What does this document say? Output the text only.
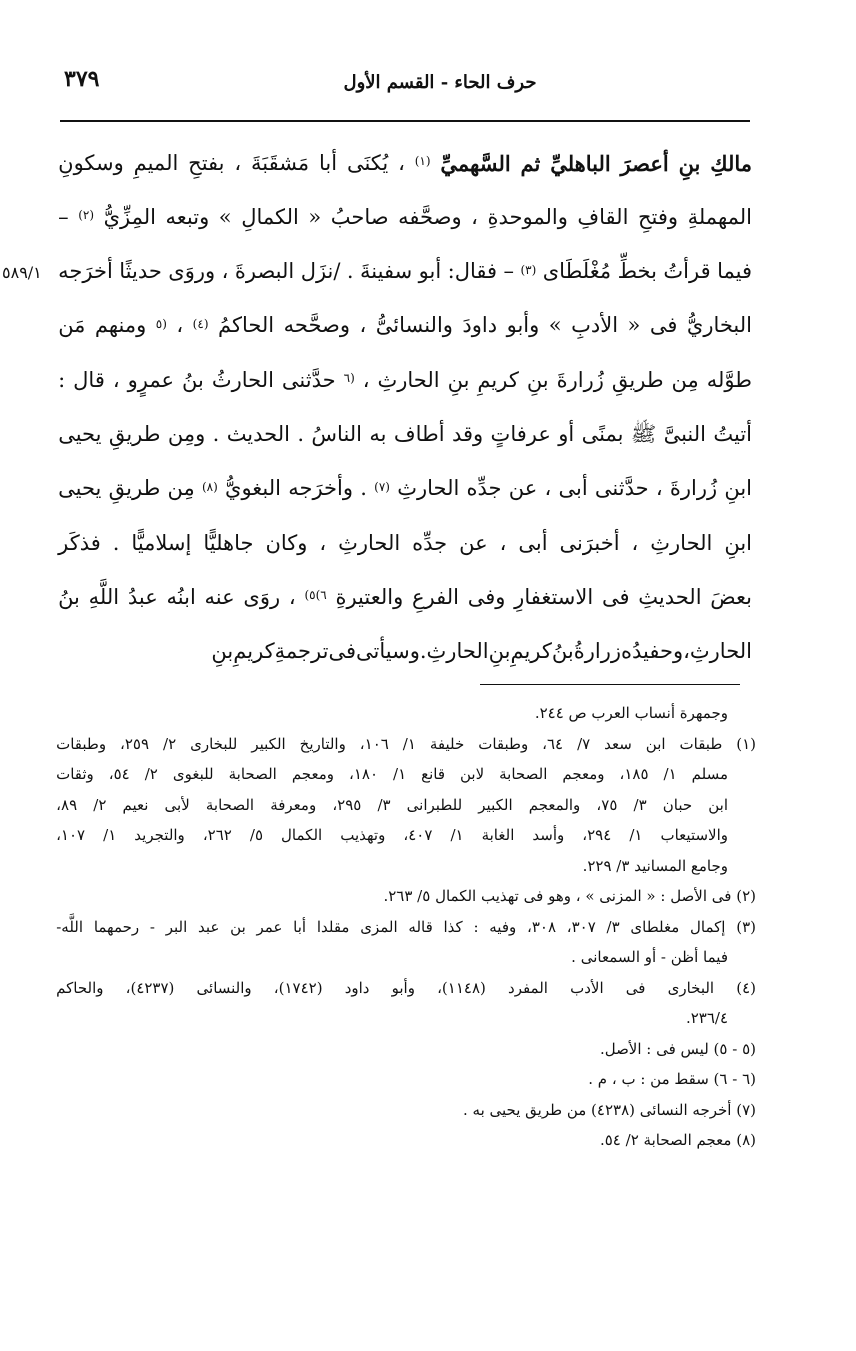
٣٧٩	حرف الحاء - القسم الأول
٥٨٩/١
مالكِ
بنِ
أعصرَ
الباهليِّ
ثم
السَّهميِّ
(١)
،
يُكنَى
أبا
مَشقَبَةَ
،
بفتحِ
الميمِ
وسكونِ
المهملةِ
وفتحِ
القافِ
والموحدةِ
،
وصحَّفه
صاحبُ
«
الكمالِ
»
وتبعه
المِزِّيُّ
(٢)
–
فيما
قرأتُ
بخطِّ
مُغْلَطَاى
(٣)
–
فقال:
أبو
سفينةَ
.
/نزَل
البصرةَ
،
وروَى
حديثًا
أخرَجه
البخاريُّ
فى
«
الأدبِ
»
وأبو
داودَ
والنسائىُّ
،
وصحَّحه
الحاكمُ
(٤)
،
(٥
ومنهم
مَن
طوَّله
مِن
طريقِ
زُرارةَ
بنِ
كريمِ
بنِ
الحارثِ
،
(٦
حدَّثنى
الحارثُ
بنُ
عمرٍو
،
قال
:
أتيتُ
النبىَّ
ﷺ
بمنًى
أو
عرفاتٍ
وقد
أطاف
به
الناسُ
.
الحديث
.
ومِن
طريقِ
يحيى
ابنِ
زُرارةَ
،
حدَّثنى
أبى
،
عن
جدِّه
الحارثِ
(٧)
.
وأخرَجه
البغويُّ
(٨)
مِن
طريقِ
يحيى
ابنِ
الحارثِ
،
أخبرَنى
أبى
،
عن
جدِّه
الحارثِ
،
وكان
جاهليًّا
إسلاميًّا
.
فذكَر
بعضَ
الحديثِ
فى
الاستغفارِ
وفى
الفرعِ
والعتيرةِ
٦)٥)
،
روَى
عنه
ابنُه
عبدُ
اللَّهِ
بنُ
الحارثِ
،
وحفيدُه
زرارةُ
بنُ
كريمِ
بنِ
الحارثِ
.
وسيأتى
فى
ترجمةِ
كريمِ
بنِ
وجمهرة أنساب العرب ص ٢٤٤.
(١)
طبقات
ابن
سعد
٧/
٦٤،
وطبقات
خليفة
١/
١٠٦،
والتاريخ
الكبير
للبخارى
٢/
٢٥٩،
وطبقات
مسلم
١/
١٨٥،
ومعجم
الصحابة
لابن
قانع
١/
١٨٠،
ومعجم
الصحابة
للبغوى
٢/
٥٤،
وثقات
ابن
حبان
٣/
٧٥،
والمعجم
الكبير
للطبرانى
٣/
٢٩٥،
ومعرفة
الصحابة
لأبى
نعيم
٢/
٨٩،
والاستيعاب
١/
٢٩٤،
وأسد
الغابة
١/
٤٠٧،
وتهذيب
الكمال
٥/
٢٦٢،
والتجريد
١/
١٠٧،
وجامع المسانيد ٣/ ٢٢٩.
(٢) فى الأصل : « المزنى » ، وهو فى تهذيب الكمال ٥/ ٢٦٣.
(٣)
إكمال
مغلطاى
٣/
٣٠٧،
٣٠٨،
وفيه
:
كذا
قاله
المزى
مقلدا
أبا
عمر
بن
عبد
البر
-
رحمهما
اللَّه-
فيما أظن - أو السمعانى .
(٤)
البخارى
فى
الأدب
المفرد
(١١٤٨)،
وأبو
داود
(١٧٤٢)،
والنسائى
(٤٢٣٧)،
والحاكم
٢٣٦/٤.
(٥ - ٥) ليس فى : الأصل.
(٦ - ٦) سقط من : ب ، م .
(٧) أخرجه النسائى (٤٢٣٨) من طريق يحيى به .
(٨) معجم الصحابة ٢/ ٥٤.
